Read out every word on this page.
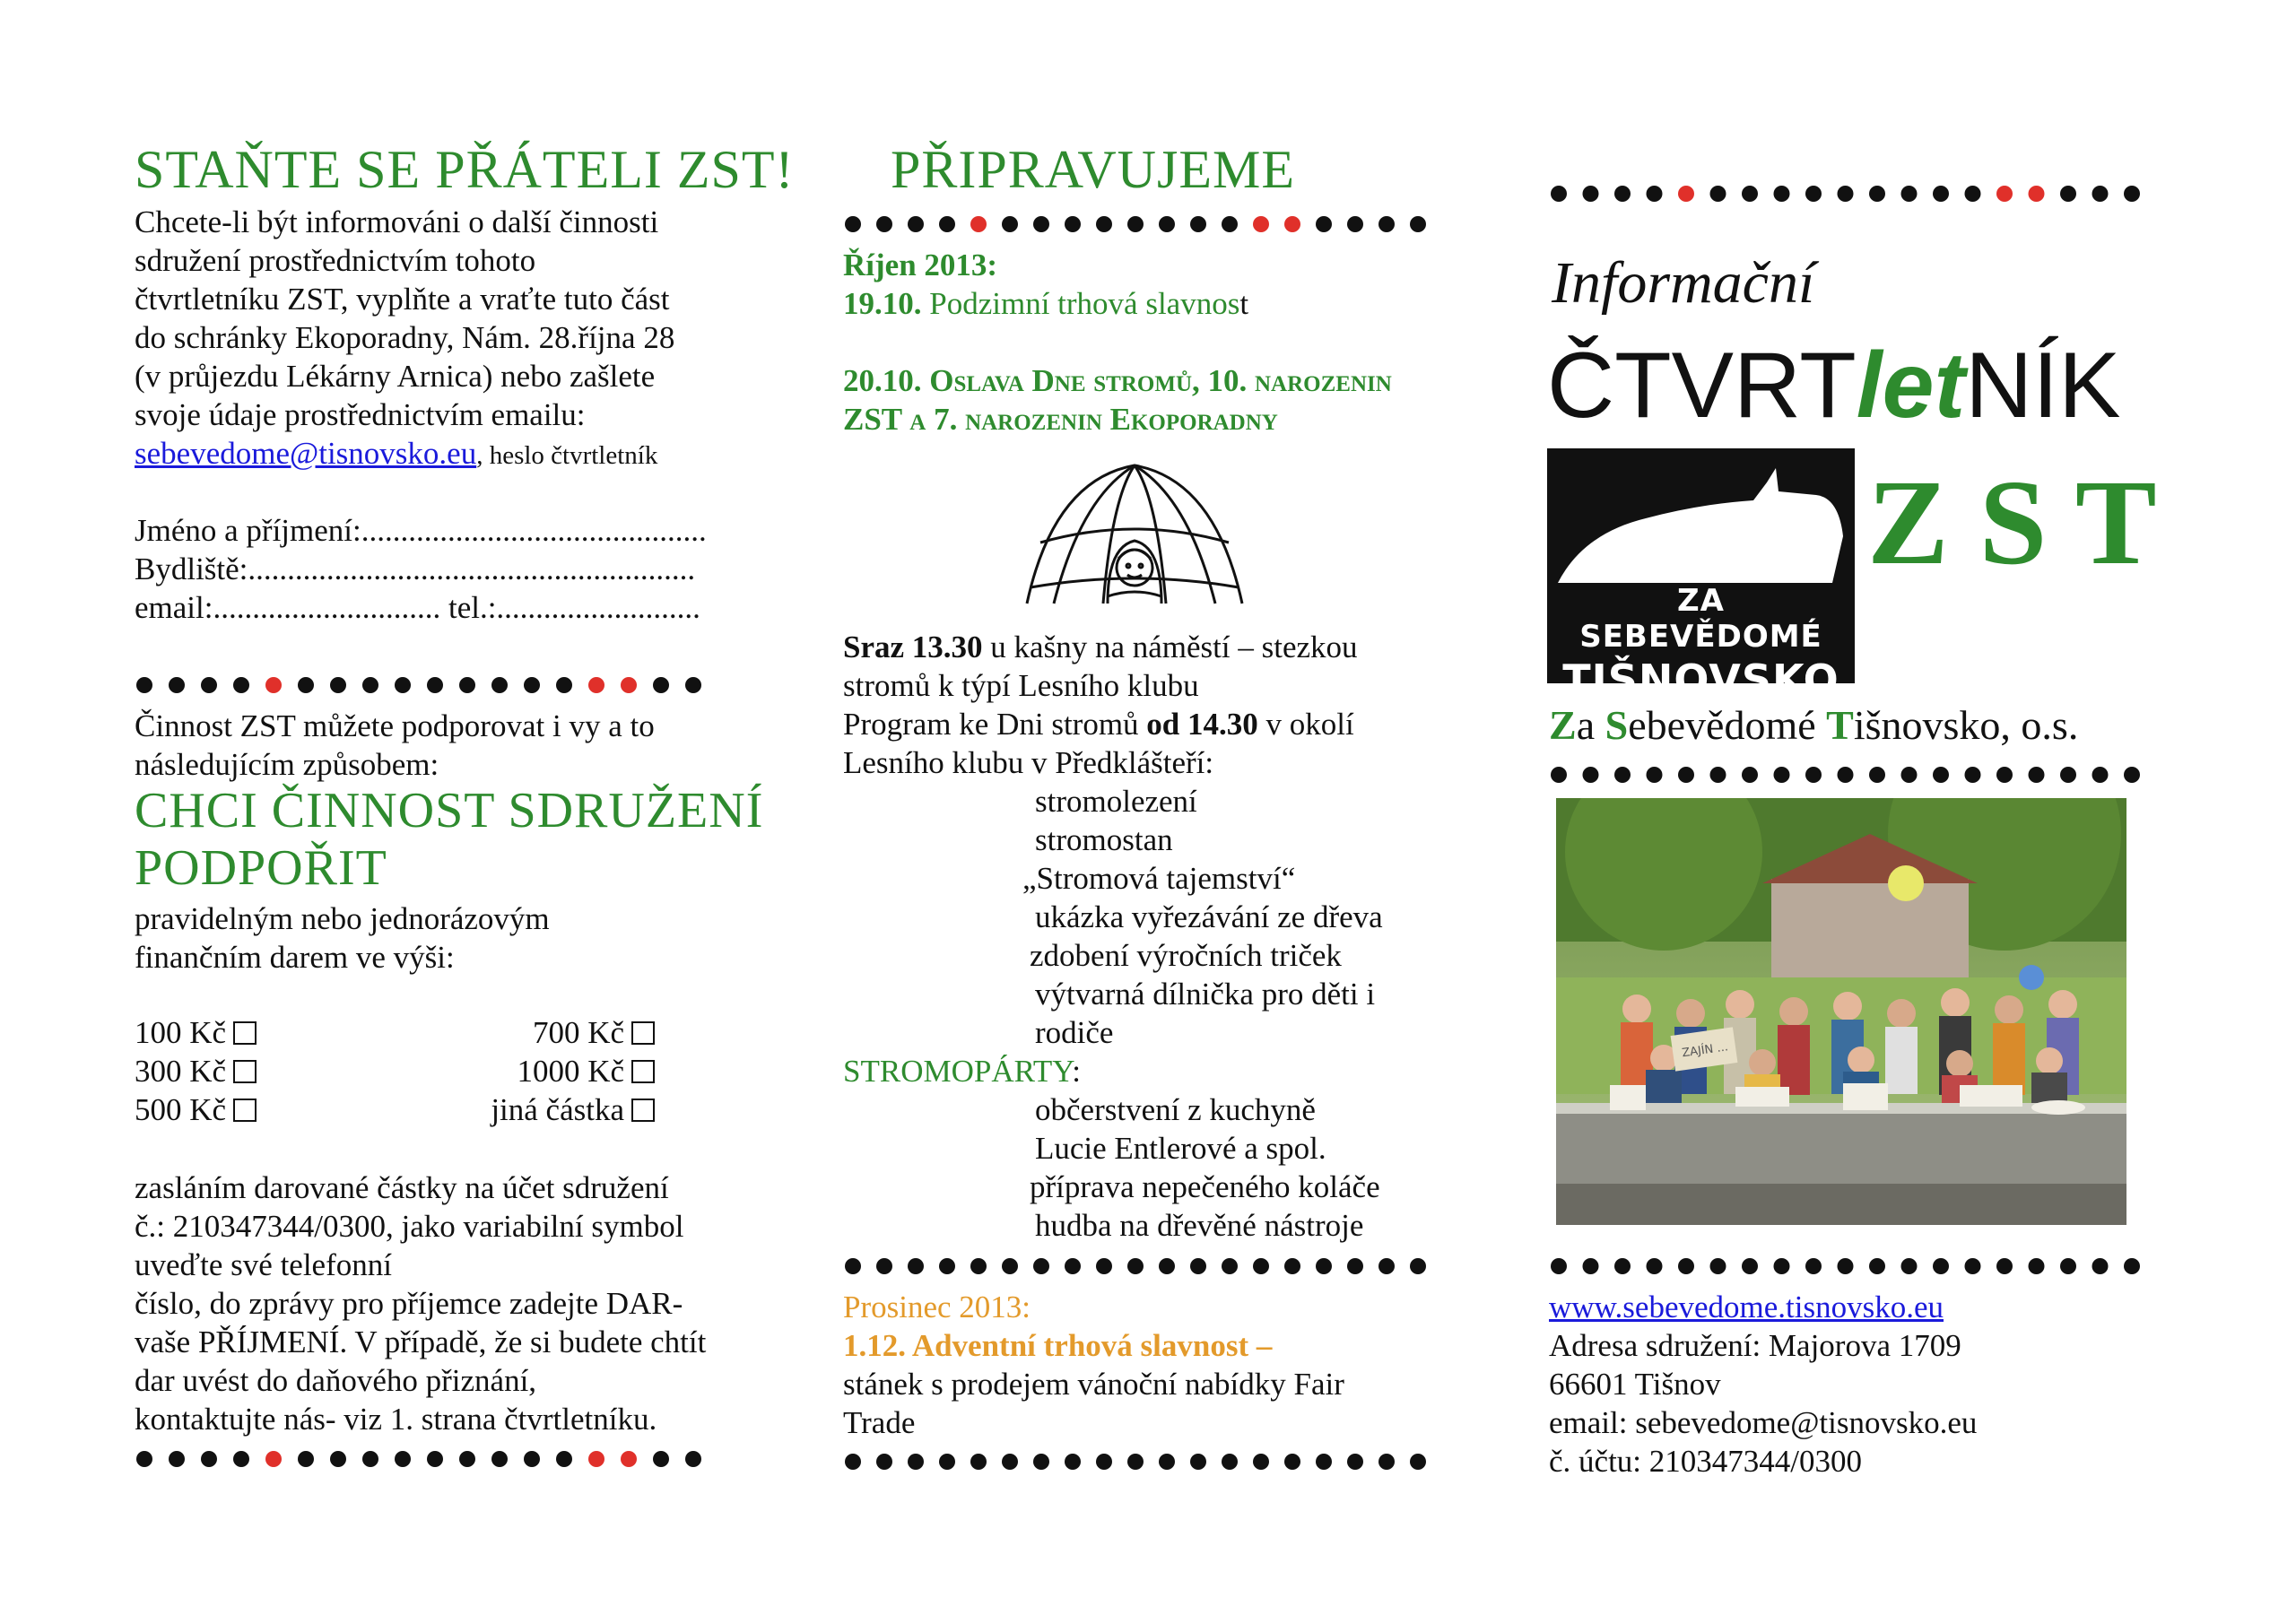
STAŇTE SE PŘÁTELI ZST!
Chcete-li být informováni o další činnosti
sdružení prostřednictvím tohoto
čtvrtletníku ZST, vyplňte a vraťte tuto část
do schránky Ekoporadny, Nám. 28.října 28
(v průjezdu Lékárny Arnica) nebo zašlete
svoje údaje prostřednictvím emailu:
sebevedome@tisnovsko.eu, heslo čtvrtletník
Jméno a příjmení:............................................
Bydliště:.........................................................
email:............................. tel.:..........................
Činnost ZST můžete podporovat i vy a to
následujícím způsobem:
CHCI ČINNOST SDRUŽENÍ
PODPOŘIT
pravidelným nebo jednorázovým
finančním darem ve výši:
100 Kč
300 Kč
500 Kč
700 Kč
1000 Kč
jiná částka
zasláním darované částky na účet sdružení
č.: 210347344/0300, jako variabilní symbol
uveďte své telefonní
číslo, do zprávy pro příjemce zadejte DAR-
vaše PŘÍJMENÍ. V případě, že si budete chtít
dar uvést do daňového přiznání,
kontaktujte nás- viz 1. strana čtvrtletníku.
PŘIPRAVUJEME
Říjen 2013:
19.10. Podzimní trhová slavnost
20.10. Oslava Dne stromů, 10. narozenin
ZST a 7. narozenin Ekoporadny
Sraz 13.30 u kašny na náměstí – stezkou
stromů k týpí Lesního klubu
Program ke Dni stromů od 14.30 v okolí
Lesního klubu v Předklášteří:
stromolezení
stromostan
„Stromová tajemství“
ukázka vyřezávání ze dřeva
zdobení výročních triček
výtvarná dílnička pro děti i
rodiče
STROMOPÁRTY:
občerstvení z kuchyně
Lucie Entlerové a spol.
příprava nepečeného koláče
hudba na dřevěné nástroje
Prosinec 2013:
1.12. Adventní trhová slavnost –
stánek s prodejem vánoční nabídky Fair
Trade
Informační
ČTVRTletNÍK
ZA SEBEVĚDOMÉ
TIŠNOVSKO
Z S T
Za Sebevědomé Tišnovsko, o.s.
ZAJÍN ...
www.sebevedome.tisnovsko.eu
Adresa sdružení: Majorova 1709
66601 Tišnov
email: sebevedome@tisnovsko.eu
č. účtu: 210347344/0300
